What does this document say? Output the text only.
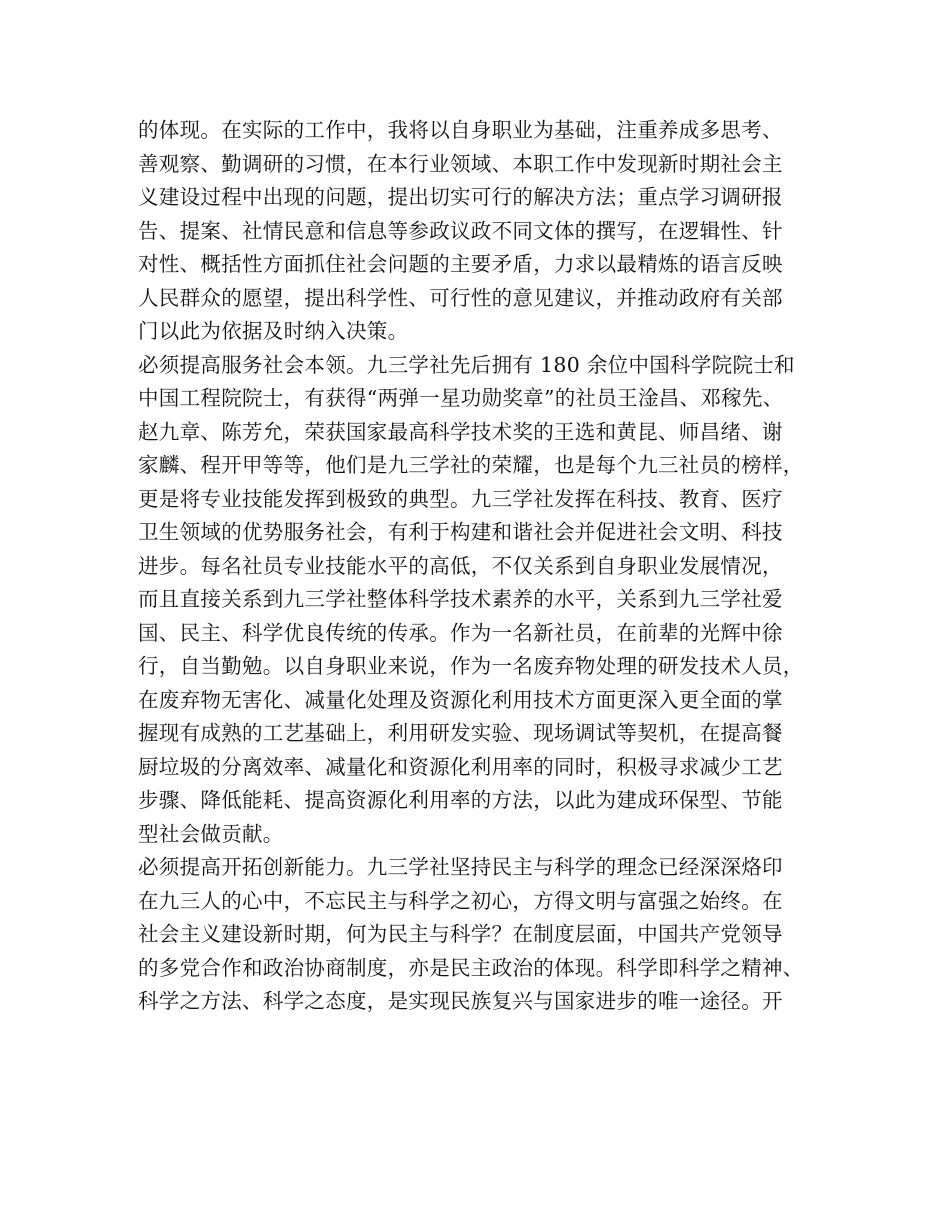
的体现。在实际的工作中，我将以自身职业为基础，注重养成多思考、
善观察、勤调研的习惯，在本行业领域、本职工作中发现新时期社会主
义建设过程中出现的问题，提出切实可行的解决方法；重点学习调研报
告、提案、社情民意和信息等参政议政不同文体的撰写，在逻辑性、针
对性、概括性方面抓住社会问题的主要矛盾，力求以最精炼的语言反映
人民群众的愿望，提出科学性、可行性的意见建议，并推动政府有关部
门以此为依据及时纳入决策。
必须提高服务社会本领。九三学社先后拥有 180 余位中国科学院院士和
中国工程院院士，有获得“两弹一星功勋奖章”的社员王淦昌、邓稼先、
赵九章、陈芳允，荣获国家最高科学技术奖的王选和黄昆、师昌绪、谢
家麟、程开甲等等，他们是九三学社的荣耀，也是每个九三社员的榜样，
更是将专业技能发挥到极致的典型。九三学社发挥在科技、教育、医疗
卫生领域的优势服务社会，有利于构建和谐社会并促进社会文明、科技
进步。每名社员专业技能水平的高低，不仅关系到自身职业发展情况，
而且直接关系到九三学社整体科学技术素养的水平，关系到九三学社爱
国、民主、科学优良传统的传承。作为一名新社员，在前辈的光辉中徐
行，自当勤勉。以自身职业来说，作为一名废弃物处理的研发技术人员，
在废弃物无害化、减量化处理及资源化利用技术方面更深入更全面的掌
握现有成熟的工艺基础上，利用研发实验、现场调试等契机，在提高餐
厨垃圾的分离效率、减量化和资源化利用率的同时，积极寻求减少工艺
步骤、降低能耗、提高资源化利用率的方法，以此为建成环保型、节能
型社会做贡献。
必须提高开拓创新能力。九三学社坚持民主与科学的理念已经深深烙印
在九三人的心中，不忘民主与科学之初心，方得文明与富强之始终。在
社会主义建设新时期，何为民主与科学？在制度层面，中国共产党领导
的多党合作和政治协商制度，亦是民主政治的体现。科学即科学之精神、
科学之方法、科学之态度，是实现民族复兴与国家进步的唯一途径。开
